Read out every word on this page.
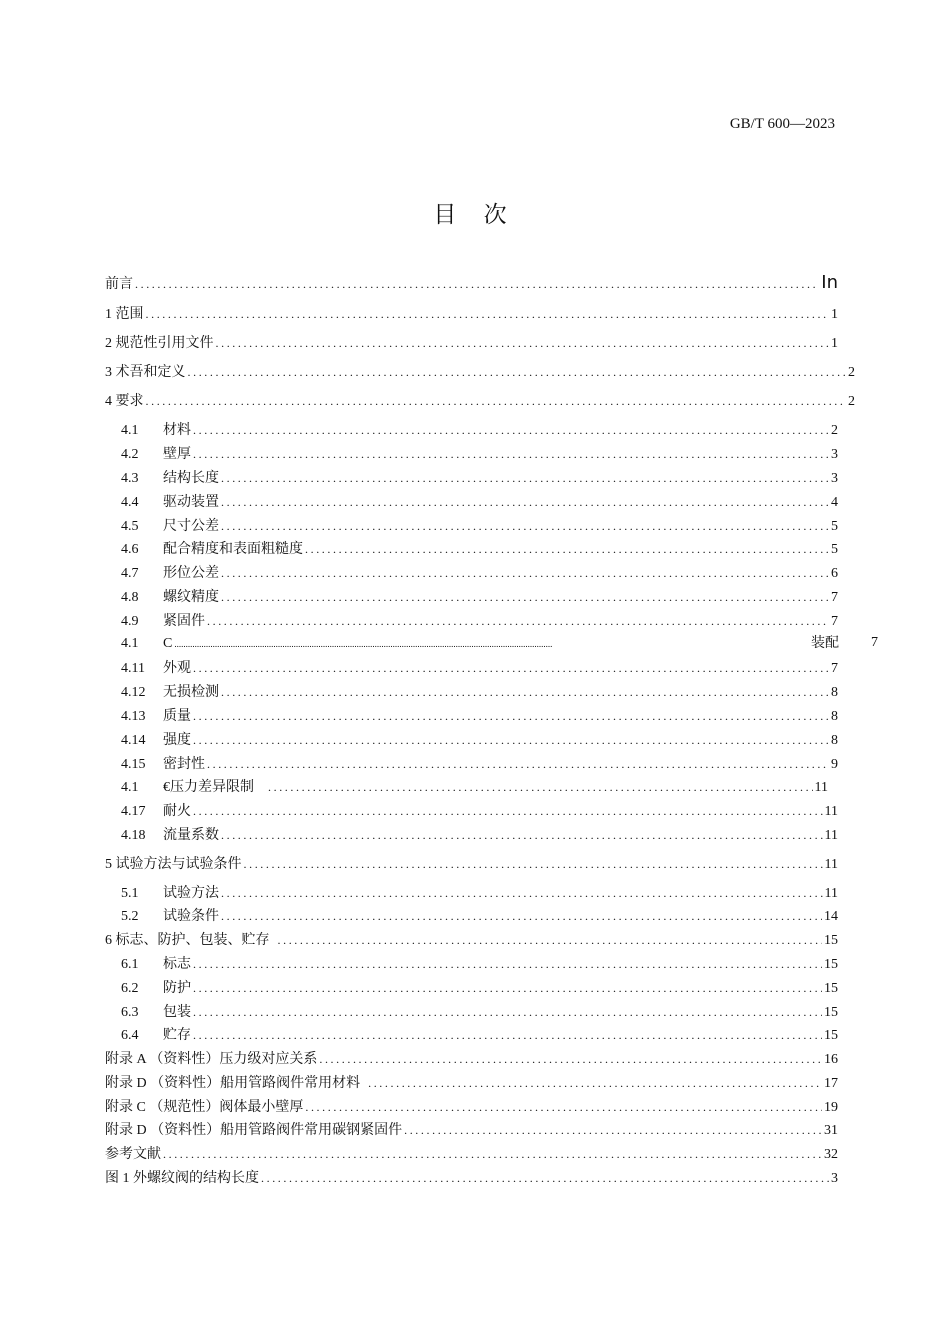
GB/T 600—2023
目 次
前言 .....	In
1 范围 .....	1
2 规范性引用文件 .....	1
3 术吾和定义 .....	2
4 要求 .....	2
4.1	材料 .....	2
4.2	壁厚 .....	3
4.3	结构长度 .....	3
4.4	驱动装置 .....	4
4.5	尺寸公差 .....	5
4.6	配合精度和表面粗糙度 .....	5
4.7	形位公差 .....	6
4.8	螺纹精度 .....	7
4.9	紧固件 .....	7
4.1	C .....	装配 7
4.11	外观 .....	7
4.12	无损检测 .....	8
4.13	质量 .....	8
4.14	强度 .....	8
4.15	密封性 .....	9
4.1	€压力差异限制 .....	11
4.17	耐火 .....	11
4.18	流量系数 .....	11
5 试验方法与试验条件 .....	11
5.1	试验方法 .....	11
5.2	试验条件 .....	14
6 标志、防护、包装、贮存 .....	15
6.1	标志 .....	15
6.2	防护 .....	15
6.3	包装 .....	15
6.4	贮存 .....	15
附录 A （资料性）压力级对应关系 .....	16
附录 D （资料性）船用管路阀件常用材料 .....	17
附录 C （规范性）阀体最小壁厚 .....	19
附录 D （资料性）船用管路阀件常用碳钢紧固件 .....	31
参考文献 .....	32
图 1 外螺纹阀的结构长度 .....	3
